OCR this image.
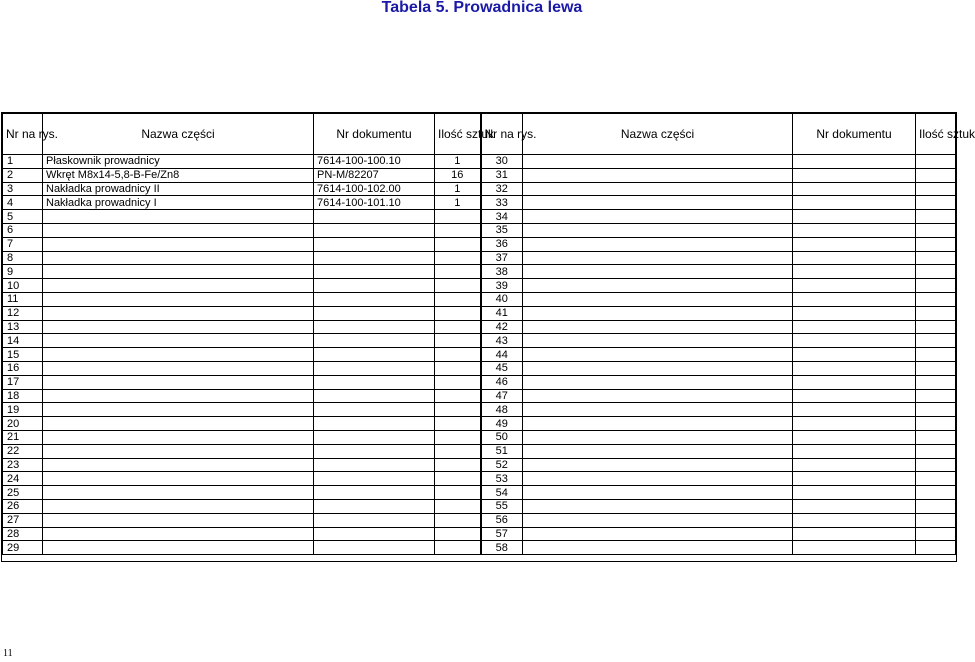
Tabela 5. Prowadnica lewa
Nr na rys.	Nazwa części	Nr dokumentu	Ilość sztuk	Nr na rys.	Nazwa części	Nr dokumentu	Ilość sztuk
1	Płaskownik prowadnicy	7614-100-100.10	1	30			
2	Wkręt M8x14-5,8-B-Fe/Zn8	PN-M/82207	16	31			
3	Nakładka prowadnicy II	7614-100-102.00	1	32			
4	Nakładka prowadnicy I	7614-100-101.10	1	33			
5				34			
6				35			
7				36			
8				37			
9				38			
10				39			
11				40			
12				41			
13				42			
14				43			
15				44			
16				45			
17				46			
18				47			
19				48			
20				49			
21				50			
22				51			
23				52			
24				53			
25				54			
26				55			
27				56			
28				57			
29				58			
11
